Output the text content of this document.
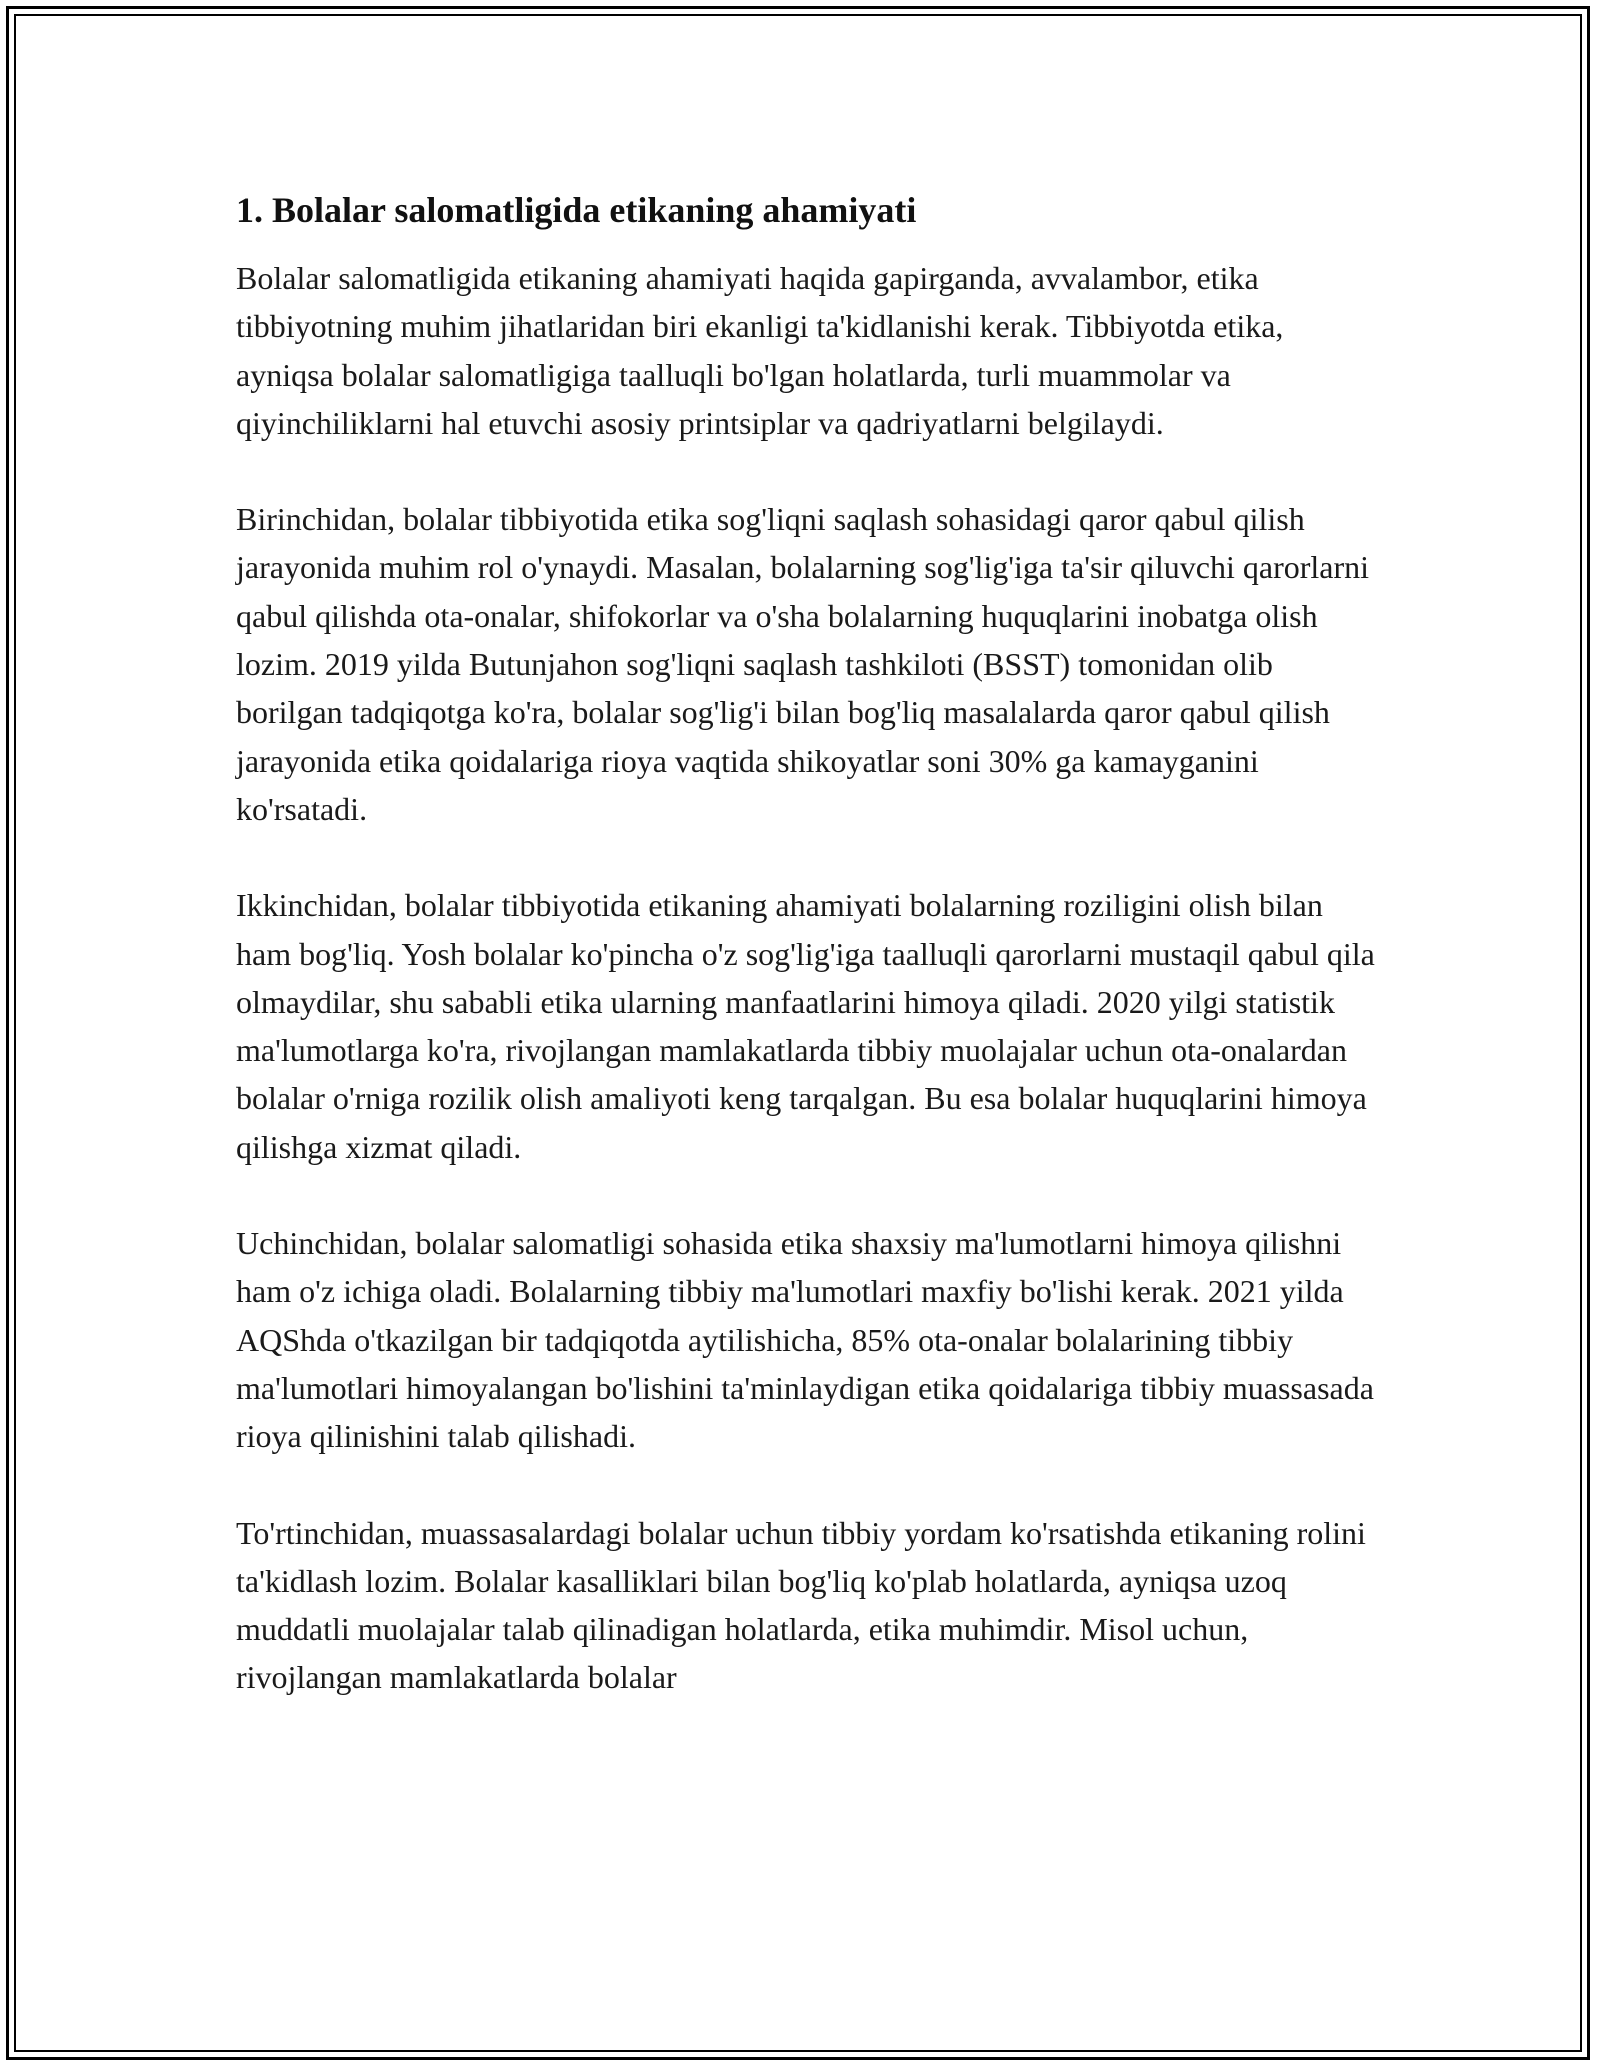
1. Bolalar salomatligida etikaning ahamiyati

Bolalar salomatligida etikaning ahamiyati haqida gapirganda, avvalambor, etika tibbiyotning muhim jihatlaridan biri ekanligi ta'kidlanishi kerak. Tibbiyotda etika, ayniqsa bolalar salomatligiga taalluqli bo'lgan holatlarda, turli muammolar va qiyinchiliklarni hal etuvchi asosiy printsiplar va qadriyatlarni belgilaydi.

Birinchidan, bolalar tibbiyotida etika sog'liqni saqlash sohasidagi qaror qabul qilish jarayonida muhim rol o'ynaydi. Masalan, bolalarning sog'lig'iga ta'sir qiluvchi qarorlarni qabul qilishda ota-onalar, shifokorlar va o'sha bolalarning huquqlarini inobatga olish lozim. 2019 yilda Butunjahon sog'liqni saqlash tashkiloti (BSST) tomonidan olib borilgan tadqiqotga ko'ra, bolalar sog'lig'i bilan bog'liq masalalarda qaror qabul qilish jarayonida etika qoidalariga rioya vaqtida shikoyatlar soni 30% ga kamayganini ko'rsatadi.

Ikkinchidan, bolalar tibbiyotida etikaning ahamiyati bolalarning roziligini olish bilan ham bog'liq. Yosh bolalar ko'pincha o'z sog'lig'iga taalluqli qarorlarni mustaqil qabul qila olmaydilar, shu sababli etika ularning manfaatlarini himoya qiladi. 2020 yilgi statistik ma'lumotlarga ko'ra, rivojlangan mamlakatlarda tibbiy muolajalar uchun ota-onalardan bolalar o'rniga rozilik olish amaliyoti keng tarqalgan. Bu esa bolalar huquqlarini himoya qilishga xizmat qiladi.

Uchinchidan, bolalar salomatligi sohasida etika shaxsiy ma'lumotlarni himoya qilishni ham o'z ichiga oladi. Bolalarning tibbiy ma'lumotlari maxfiy bo'lishi kerak. 2021 yilda AQShda o'tkazilgan bir tadqiqotda aytilishicha, 85% ota-onalar bolalarining tibbiy ma'lumotlari himoyalangan bo'lishini ta'minlaydigan etika qoidalariga tibbiy muassasada rioya qilinishini talab qilishadi.

To'rtinchidan, muassasalardagi bolalar uchun tibbiy yordam ko'rsatishda etikaning rolini ta'kidlash lozim. Bolalar kasalliklari bilan bog'liq ko'plab holatlarda, ayniqsa uzoq muddatli muolajalar talab qilinadigan holatlarda, etika muhimdir. Misol uchun, rivojlangan mamlakatlarda bolalar
